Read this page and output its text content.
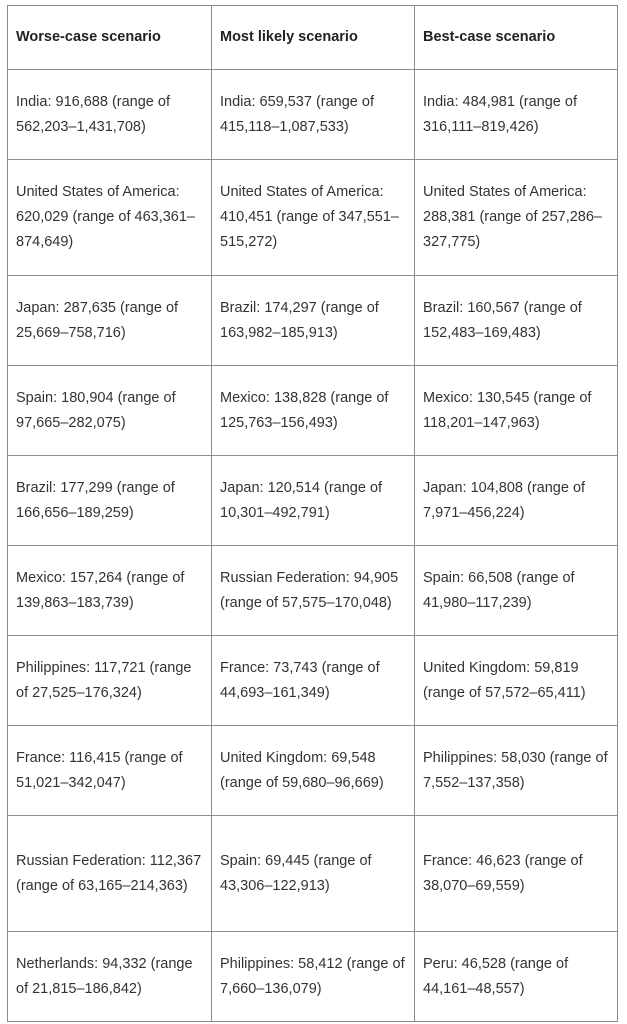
Worse-case scenario	Most likely scenario	Best-case scenario
India: 916,688 (range of 562,203–1,431,708)	India: 659,537 (range of 415,118–1,087,533)	India: 484,981 (range of 316,111–819,426)
United States of America: 620,029 (range of 463,361–874,649)	United States of America: 410,451 (range of 347,551–515,272)	United States of America: 288,381 (range of 257,286–327,775)
Japan: 287,635 (range of 25,669–758,716)	Brazil: 174,297 (range of 163,982–185,913)	Brazil: 160,567 (range of 152,483–169,483)
Spain: 180,904 (range of 97,665–282,075)	Mexico: 138,828 (range of 125,763–156,493)	Mexico: 130,545 (range of 118,201–147,963)
Brazil: 177,299 (range of 166,656–189,259)	Japan: 120,514 (range of 10,301–492,791)	Japan: 104,808 (range of 7,971–456,224)
Mexico: 157,264 (range of 139,863–183,739)	Russian Federation: 94,905 (range of 57,575–170,048)	Spain: 66,508 (range of 41,980–117,239)
Philippines: 117,721 (range of 27,525–176,324)	France: 73,743 (range of 44,693–161,349)	United Kingdom: 59,819 (range of 57,572–65,411)
France: 116,415 (range of 51,021–342,047)	United Kingdom: 69,548 (range of 59,680–96,669)	Philippines: 58,030 (range of 7,552–137,358)
Russian Federation: 112,367 (range of 63,165–214,363)	Spain: 69,445 (range of 43,306–122,913)	France: 46,623 (range of 38,070–69,559)
Netherlands: 94,332 (range of 21,815–186,842)	Philippines: 58,412 (range of 7,660–136,079)	Peru: 46,528 (range of 44,161–48,557)
